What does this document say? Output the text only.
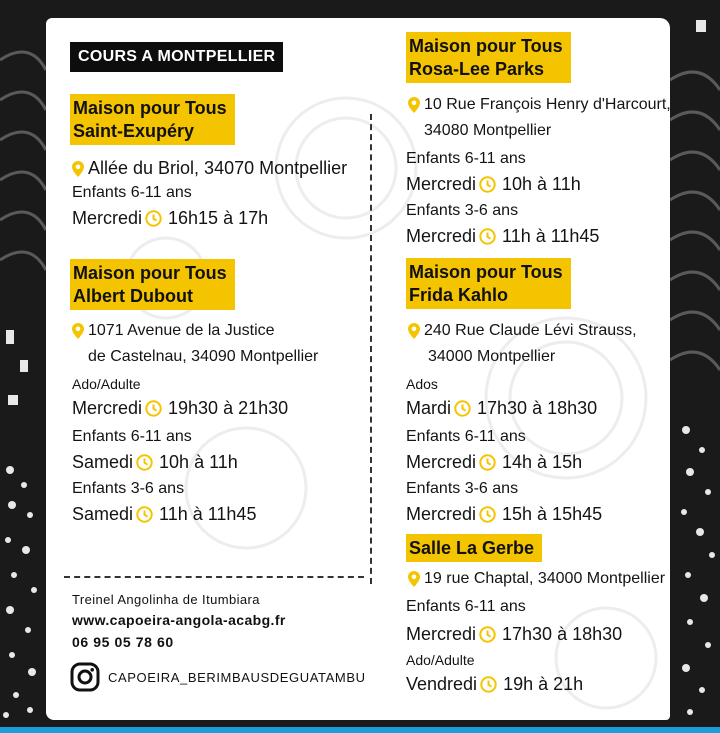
COURS A MONTPELLIER
Maison pour Tous
Saint-Exupéry
Allée du Briol, 34070 Montpellier
Enfants 6-11 ans
Mercredi 16h15 à 17h
Maison pour Tous
Albert Dubout
1071 Avenue de la Justice
de Castelnau, 34090 Montpellier
Ado/Adulte
Mercredi 19h30 à 21h30
Enfants 6-11 ans
Samedi 10h à 11h
Enfants 3-6 ans
Samedi 11h à 11h45
Treinel Angolinha de Itumbiara
www.capoeira-angola-acabg.fr
06 95 05 78 60
CAPOEIRA_BERIMBAUSDEGUATAMBU
Maison pour Tous
Rosa-Lee Parks
10 Rue François Henry d'Harcourt,
34080 Montpellier
Enfants 6-11 ans
Mercredi 10h à 11h
Enfants 3-6 ans
Mercredi 11h à 11h45
Maison pour Tous
Frida Kahlo
240 Rue Claude Lévi Strauss,
34000 Montpellier
Ados
Mardi 17h30 à 18h30
Enfants 6-11 ans
Mercredi 14h à 15h
Enfants 3-6 ans
Mercredi 15h à 15h45
Salle La Gerbe
19 rue Chaptal, 34000 Montpellier
Enfants 6-11 ans
Mercredi 17h30 à 18h30
Ado/Adulte
Vendredi 19h à 21h
